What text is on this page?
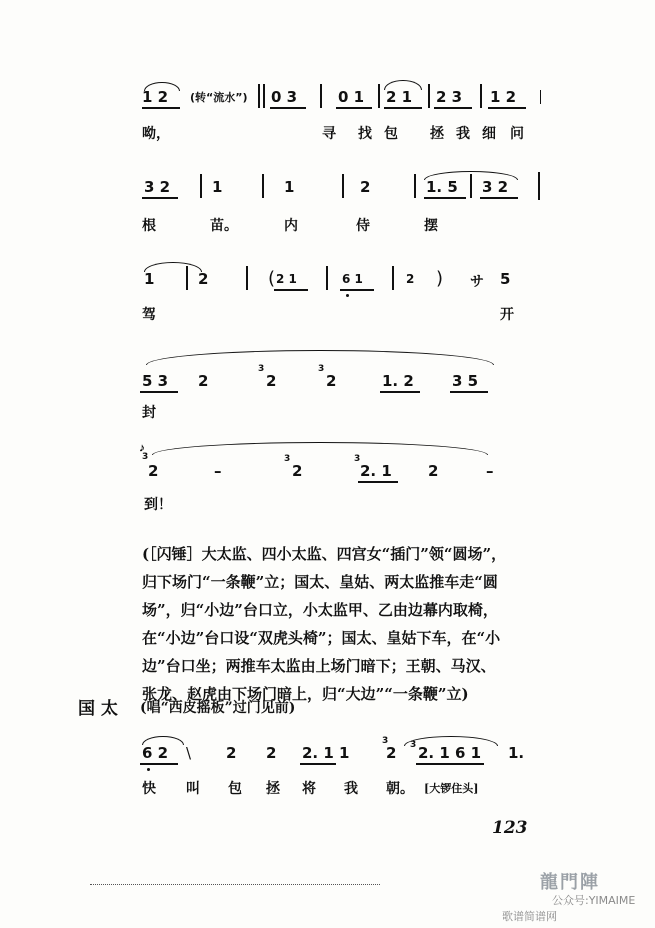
1 2 (转“流水”) 0 3	0 1 2 1 2 3 1 2
呦，	寻 找 包 拯 我 细 问
3 2	1	1	2	1. 5 3 2
根	苗。	内	侍	摆
1	2	( 2 1	6 1	2 ) サ 5
驾	开
5 3 2
3
2
3
2	1. 2	3 5
封
𝆕
3
2	–
3
2
3
2. 1 2	–
到！
(［闪锤］大太监、四小太监、四宫女“插门”领“圆场”，
归下场门“一条鞭”立；国太、皇姑、两太监推车走“圆
场”，归“小边”台口立，小太监甲、乙由边幕内取椅，
在“小边”台口设“双虎头椅”；国太、皇姑下车，在“小
边”台口坐；两推车太监由上场门暗下；王朝、马汉、
张龙、赵虎由下场门暗上，归“大边”“一条鞭”立)
国 太 (唱“西皮摇板”过门见前)
6 2 \ 2 2 2. 1 1
3
2 3 2. 1 6 1 1.
快 叫 包 拯 将 我 朝。 [大锣住头]
123
龍門陣
公众号:YIMAIME
歌谱简谱网
